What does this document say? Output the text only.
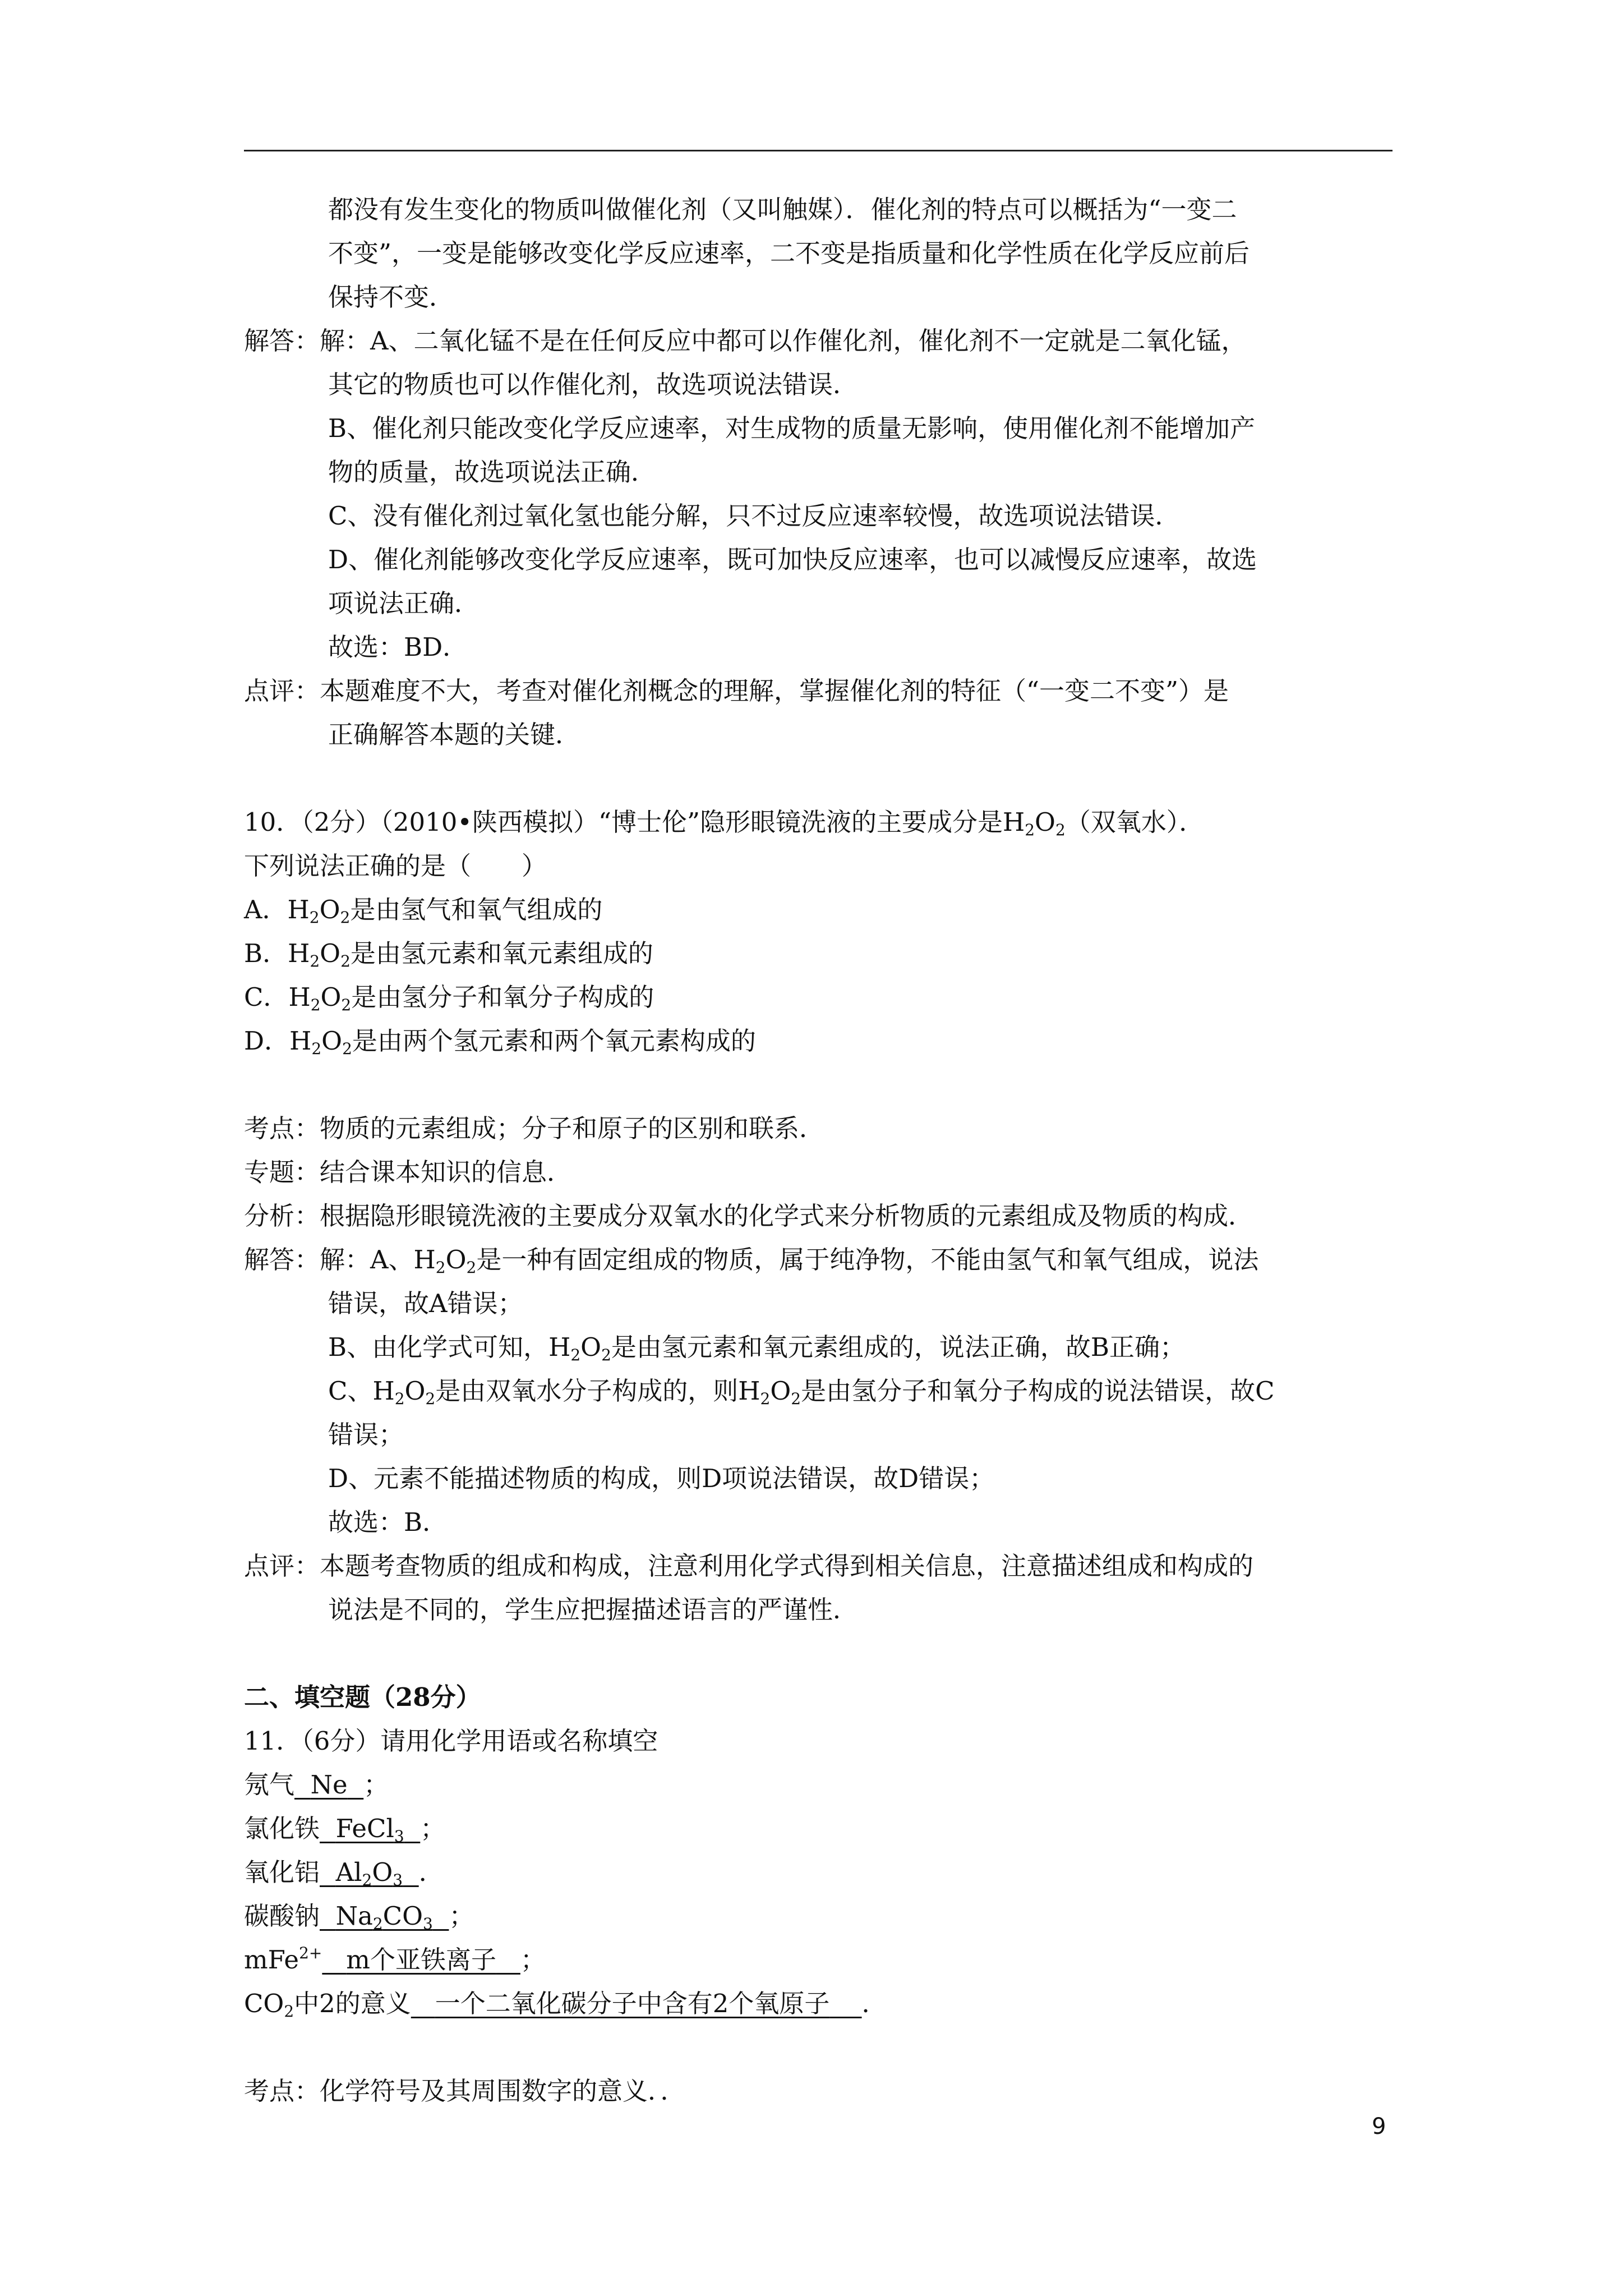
都没有发生变化的物质叫做催化剂（又叫触媒）．催化剂的特点可以概括为“一变二
不变”，一变是能够改变化学反应速率，二不变是指质量和化学性质在化学反应前后
保持不变．
解答：解：A、二氧化锰不是在任何反应中都可以作催化剂，催化剂不一定就是二氧化锰，
其它的物质也可以作催化剂，故选项说法错误．
B、催化剂只能改变化学反应速率，对生成物的质量无影响，使用催化剂不能增加产
物的质量，故选项说法正确．
C、没有催化剂过氧化氢也能分解，只不过反应速率较慢，故选项说法错误．
D、催化剂能够改变化学反应速率，既可加快反应速率，也可以减慢反应速率，故选
项说法正确．
故选：BD．
点评：本题难度不大，考查对催化剂概念的理解，掌握催化剂的特征（“一变二不变”）是
正确解答本题的关键．
10．（2分）（2010•陕西模拟）“博士伦”隐形眼镜洗液的主要成分是$H_2O_2$（双氧水）．
下列说法正确的是（　　）
A．$H_2O_2$是由氢气和氧气组成的
B．$H_2O_2$是由氢元素和氧元素组成的
C．$H_2O_2$是由氢分子和氧分子构成的
D．$H_2O_2$是由两个氢元素和两个氧元素构成的
考点：物质的元素组成；分子和原子的区别和联系．
专题：结合课本知识的信息．
分析：根据隐形眼镜洗液的主要成分双氧水的化学式来分析物质的元素组成及物质的构成．
解答：解：A、$H_2O_2$是一种有固定组成的物质，属于纯净物，不能由氢气和氧气组成，说法
错误，故A错误；
B、由化学式可知，$H_2O_2$是由氢元素和氧元素组成的，说法正确，故B正确；
C、$H_2O_2$是由双氧水分子构成的，则$H_2O_2$是由氢分子和氧分子构成的说法错误，故C
错误；
D、元素不能描述物质的构成，则D项说法错误，故D错误；
故选：B．
点评：本题考查物质的组成和构成，注意利用化学式得到相关信息，注意描述组成和构成的
说法是不同的，学生应把握描述语言的严谨性．
二、填空题（28分）
11．（6分）请用化学用语或名称填空
氖气 Ne ；
氯化铁 FeCl$_3$ ；
氧化铝 $Al_2O_3$ ．
碳酸钠 $Na_2CO_3$ ；
mFe$^{2+}$ m个亚铁离子 ；
$CO_2$中2的意义 一个二氧化碳分子中含有2个氧原子 ．
考点：化学符号及其周围数字的意义．．
9
